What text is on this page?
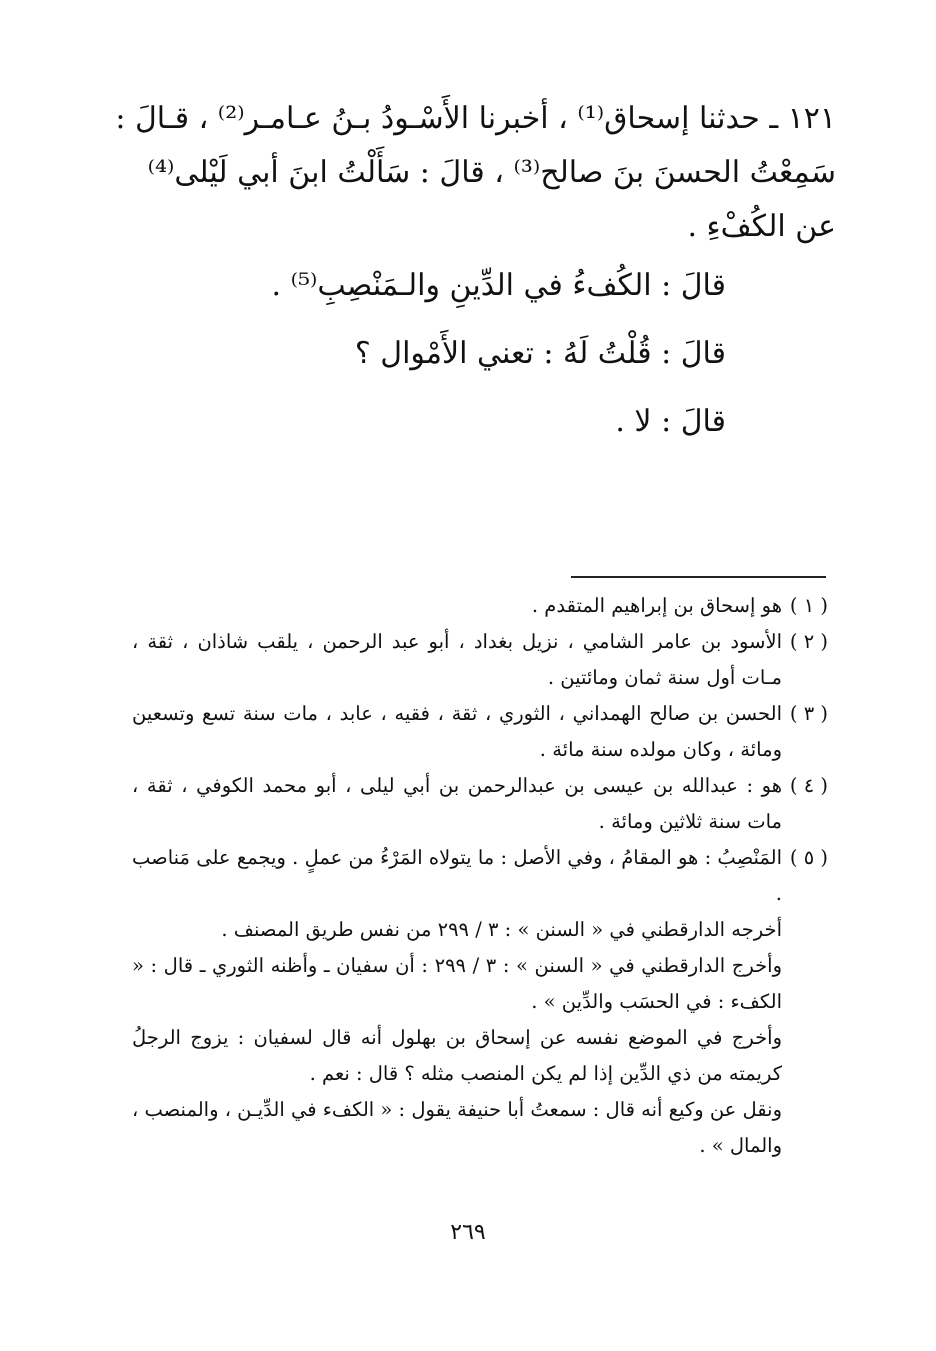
١٢١ ـ حدثنا إسحاق⁽¹⁾ ، أخبرنا الأَسْـودُ بـنُ عـامـر⁽²⁾ ، قـالَ :

سَمِعْتُ الحسنَ بنَ صالح⁽³⁾ ، قالَ : سَأَلْتُ ابنَ أبي لَيْلى⁽⁴⁾

عن الكُفْءِ .

قالَ : الكُفءُ في الدِّينِ والـمَنْصِبِ⁽⁵⁾ .
قالَ : قُلْتُ لَهُ : تعني الأَمْوال ؟
قالَ : لا .
( ١ )
هو إسحاق بن إبراهيم المتقدم .
( ٢ )
الأسود بن عامر الشامي ، نزيل بغداد ، أبو عبد الرحمن ، يلقب شاذان ، ثقة ، مـات أول سنة ثمان ومائتين .
( ٣ )
الحسن بن صالح الهمداني ، الثوري ، ثقة ، فقيه ، عابد ، مات سنة تسع وتسعين ومائة ، وكان مولده سنة مائة .
( ٤ )
هو : عبدالله بن عيسى بن عبدالرحمن بن أبي ليلى ، أبو محمد الكوفي ، ثقة ، مات سنة ثلاثين ومائة .
( ٥ )
المَنْصِبُ : هو المقامُ ، وفي الأصل : ما يتولاه المَرْءُ من عملٍ . ويجمع على مَناصب .
أخرجه الدارقطني في « السنن » : ٣ / ٢٩٩ من نفس طريق المصنف .
وأخرج الدارقطني في « السنن » : ٣ / ٢٩٩ : أن سفيان ـ وأظنه الثوري ـ قال : « الكفء : في الحسَب والدِّين » .
وأخرج في الموضع نفسه عن إسحاق بن بهلول أنه قال لسفيان : يزوج الرجلُ كريمته من ذي الدِّين إذا لم يكن المنصب مثله ؟ قال : نعم .
ونقل عن وكيع أنه قال : سمعتُ أبا حنيفة يقول : « الكفء في الدِّيـن ، والمنصب ، والمال » .
٢٦٩
